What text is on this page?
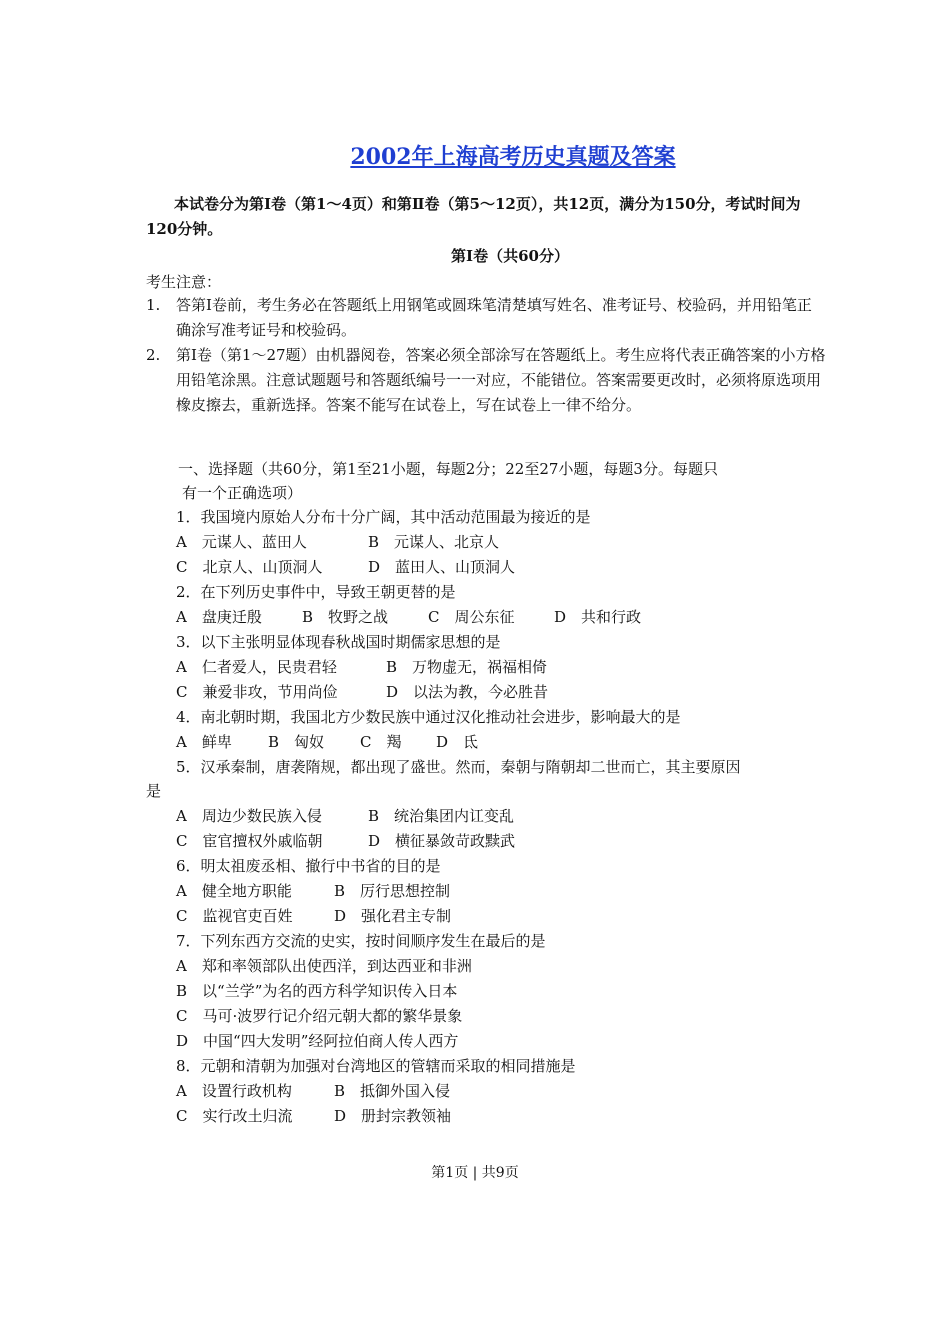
2002年上海高考历史真题及答案
本试卷分为第Ⅰ卷（第1～4页）和第Ⅱ卷（第5～12页），共12页，满分为150分，考试时间为120分钟。
第Ⅰ卷（共60分）
考生注意：
1. 答第Ⅰ卷前，考生务必在答题纸上用钢笔或圆珠笔清楚填写姓名、准考证号、校验码，并用铅笔正确涂写准考证号和校验码。
2. 第Ⅰ卷（第1～27题）由机器阅卷，答案必须全部涂写在答题纸上。考生应将代表正确答案的小方格用铅笔涂黑。注意试题题号和答题纸编号一一对应，不能错位。答案需要更改时，必须将原选项用橡皮擦去，重新选择。答案不能写在试卷上，写在试卷上一律不给分。
一、选择题（共60分，第1至21小题，每题2分；22至27小题，每题3分。每题只
有一个正确选项）
1．我国境内原始人分布十分广阔，其中活动范围最为接近的是
A　元谋人、蓝田人	B　元谋人、北京人
C　北京人、山顶洞人	D　蓝田人、山顶洞人
2．在下列历史事件中，导致王朝更替的是
A　盘庚迁殷	B　牧野之战	C　周公东征	D　共和行政
3．以下主张明显体现春秋战国时期儒家思想的是
A　仁者爱人，民贵君轻	B　万物虚无，祸福相倚
C　兼爱非攻，节用尚俭	D　以法为教，今必胜昔
4．南北朝时期，我国北方少数民族中通过汉化推动社会进步，影响最大的是
A　鲜卑 B　匈奴 C　羯 D　氐
5．汉承秦制，唐袭隋规，都出现了盛世。然而，秦朝与隋朝却二世而亡，其主要原因
是
A　周边少数民族入侵	B　统治集团内讧变乱
C　宦官擅权外戚临朝	D　横征暴敛苛政黩武
6．明太祖废丞相、撤行中书省的目的是
A　健全地方职能	B　厉行思想控制
C　监视官吏百姓	D　强化君主专制
7．下列东西方交流的史实，按时间顺序发生在最后的是
A　郑和率领部队出使西洋，到达西亚和非洲
B　以“兰学”为名的西方科学知识传入日本
C　马可·波罗行记介绍元朝大都的繁华景象
D　中国“四大发明”经阿拉伯商人传人西方
8．元朝和清朝为加强对台湾地区的管辖而采取的相同措施是
A　设置行政机构	B　抵御外国入侵
C　实行改土归流	D　册封宗教领袖
第1页 | 共9页
